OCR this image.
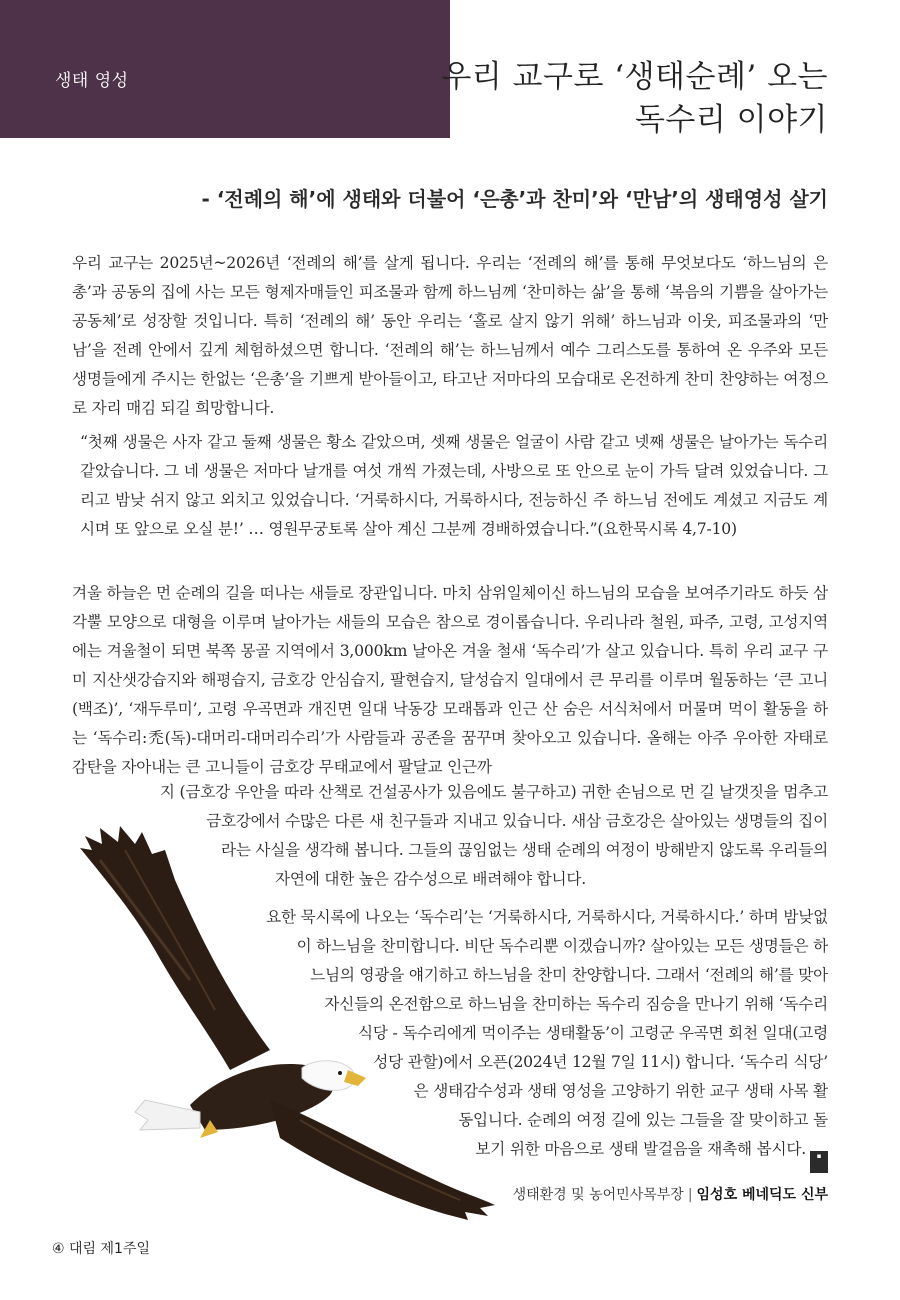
생태 영성	우리 교구로 ‘생태순례’ 오는
독수리 이야기
- ‘전례의 해’에 생태와 더불어 ‘은총’과 찬미’와 ‘만남’의 생태영성 살기

우리 교구는 2025년~2026년 ‘전례의 해’를 살게 됩니다. 우리는 ‘전례의 해’를 통해 무엇보다도 ‘하느님의 은총’과 공동의 집에 사는 모든 형제자매들인 피조물과 함께 하느님께 ‘찬미하는 삶’을 통해 ‘복음의 기쁨을 살아가는 공동체’로 성장할 것입니다. 특히 ‘전례의 해’ 동안 우리는 ‘홀로 살지 않기 위해’ 하느님과 이웃, 피조물과의 ‘만남’을 전례 안에서 깊게 체험하셨으면 합니다. ‘전례의 해’는 하느님께서 예수 그리스도를 통하여 온 우주와 모든 생명들에게 주시는 한없는 ‘은총’을 기쁘게 받아들이고, 타고난 저마다의 모습대로 온전하게 찬미 찬양하는 여정으로 자리 매김 되길 희망합니다.

“첫째 생물은 사자 같고 둘째 생물은 황소 같았으며, 셋째 생물은 얼굴이 사람 같고 넷째 생물은 날아가는 독수리 같았습니다. 그 네 생물은 저마다 날개를 여섯 개씩 가졌는데, 사방으로 또 안으로 눈이 가득 달려 있었습니다. 그리고 밤낮 쉬지 않고 외치고 있었습니다. ‘거룩하시다, 거룩하시다, 전능하신 주 하느님 전에도 계셨고 지금도 계시며 또 앞으로 오실 분!’ … 영원무궁토록 살아 계신 그분께 경배하였습니다.”(요한묵시록 4,7-10)

겨울 하늘은 먼 순례의 길을 떠나는 새들로 장관입니다. 마치 삼위일체이신 하느님의 모습을 보여주기라도 하듯 삼각뿔 모양으로 대형을 이루며 날아가는 새들의 모습은 참으로 경이롭습니다. 우리나라 철원, 파주, 고령, 고성지역에는 겨울철이 되면 북쪽 몽골 지역에서 3,000km 날아온 겨울 철새 ‘독수리’가 살고 있습니다. 특히 우리 교구 구미 지산샛강습지와 해평습지, 금호강 안심습지, 팔현습지, 달성습지 일대에서 큰 무리를 이루며 월동하는 ‘큰 고니(백조)’, ‘재두루미’, 고령 우곡면과 개진면 일대 낙동강 모래톱과 인근 산 숨은 서식처에서 머물며 먹이 활동을 하는 ‘독수리:禿(독)-대머리-대머리수리’가 사람들과 공존을 꿈꾸며 찾아오고 있습니다. 올해는 아주 우아한 자태로 감탄을 자아내는 큰 고니들이 금호강 무태교에서 팔달교 인근까

지 (금호강 우안을 따라 산책로 건설공사가 있음에도 불구하고) 귀한 손님으로 먼 길 날갯짓을 멈추고
금호강에서 수많은 다른 새 친구들과 지내고 있습니다. 새삼 금호강은 살아있는 생명들의 집이
라는 사실을 생각해 봅니다. 그들의 끊임없는 생태 순례의 여정이 방해받지 않도록 우리들의
자연에 대한 높은 감수성으로 배려해야 합니다.
요한 묵시록에 나오는 ‘독수리’는 ‘거룩하시다, 거룩하시다, 거룩하시다.’ 하며 밤낮없
이 하느님을 찬미합니다. 비단 독수리뿐 이겠습니까? 살아있는 모든 생명들은 하
느님의 영광을 얘기하고 하느님을 찬미 찬양합니다. 그래서 ‘전례의 해’를 맞아
자신들의 온전함으로 하느님을 찬미하는 독수리 짐승을 만나기 위해 ‘독수리
식당 - 독수리에게 먹이주는 생태활동’이 고령군 우곡면 회천 일대(고령
성당 관할)에서 오픈(2024년 12월 7일 11시) 합니다. ‘독수리 식당’
은 생태감수성과 생태 영성을 고양하기 위한 교구 생태 사목 활
동입니다. 순례의 여정 길에 있는 그들을 잘 맞이하고 돌
보기 위한 마음으로 생태 발걸음을 재촉해 봅시다. ▪
생태환경 및 농어민사목부장 | 임성호 베네딕도 신부
④ 대림 제1주일
